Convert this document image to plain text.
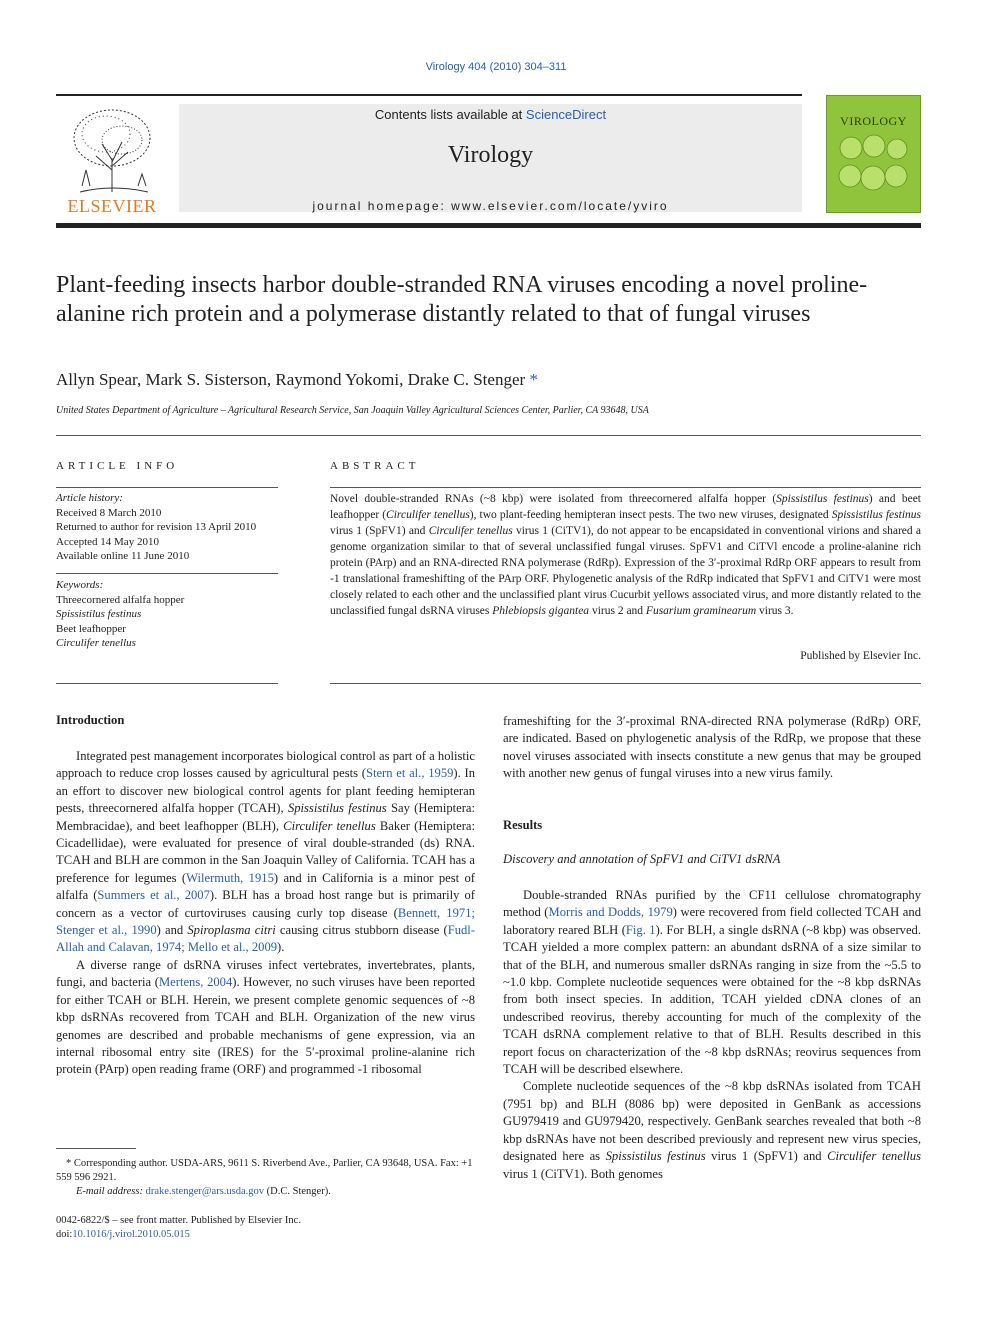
Virology 404 (2010) 304–311
ELSEVIER
Contents lists available at ScienceDirect
Virology
journal homepage: www.elsevier.com/locate/yviro
VIROLOGY
Plant-feeding insects harbor double-stranded RNA viruses encoding a novel proline-alanine rich protein and a polymerase distantly related to that of fungal viruses
Allyn Spear, Mark S. Sisterson, Raymond Yokomi, Drake C. Stenger *
United States Department of Agriculture – Agricultural Research Service, San Joaquin Valley Agricultural Sciences Center, Parlier, CA 93648, USA
ARTICLE INFO
Article history:
Received 8 March 2010
Returned to author for revision 13 April 2010
Accepted 14 May 2010
Available online 11 June 2010
Keywords:
Threecornered alfalfa hopper
Spissistilus festinus
Beet leafhopper
Circulifer tenellus
ABSTRACT
Novel double-stranded RNAs (~8 kbp) were isolated from threecornered alfalfa hopper (Spissistilus festinus) and beet leafhopper (Circulifer tenellus), two plant-feeding hemipteran insect pests. The two new viruses, designated Spissistilus festinus virus 1 (SpFV1) and Circulifer tenellus virus 1 (CiTV1), do not appear to be encapsidated in conventional virions and shared a genome organization similar to that of several unclassified fungal viruses. SpFV1 and CiTVl encode a proline-alanine rich protein (PArp) and an RNA-directed RNA polymerase (RdRp). Expression of the 3′-proximal RdRp ORF appears to result from -1 translational frameshifting of the PArp ORF. Phylogenetic analysis of the RdRp indicated that SpFV1 and CiTV1 were most closely related to each other and the unclassified plant virus Cucurbit yellows associated virus, and more distantly related to the unclassified fungal dsRNA viruses Phlebiopsis gigantea virus 2 and Fusarium graminearum virus 3.
Published by Elsevier Inc.
Introduction

Integrated pest management incorporates biological control as part of a holistic approach to reduce crop losses caused by agricultural pests (Stern et al., 1959). In an effort to discover new biological control agents for plant feeding hemipteran pests, threecornered alfalfa hopper (TCAH), Spissistilus festinus Say (Hemiptera: Membracidae), and beet leafhopper (BLH), Circulifer tenellus Baker (Hemiptera: Cicadellidae), were evaluated for presence of viral double-stranded (ds) RNA. TCAH and BLH are common in the San Joaquin Valley of California. TCAH has a preference for legumes (Wilermuth, 1915) and in California is a minor pest of alfalfa (Summers et al., 2007). BLH has a broad host range but is primarily of concern as a vector of curtoviruses causing curly top disease (Bennett, 1971; Stenger et al., 1990) and Spiroplasma citri causing citrus stubborn disease (Fudl-Allah and Calavan, 1974; Mello et al., 2009).

A diverse range of dsRNA viruses infect vertebrates, invertebrates, plants, fungi, and bacteria (Mertens, 2004). However, no such viruses have been reported for either TCAH or BLH. Herein, we present complete genomic sequences of ~8 kbp dsRNAs recovered from TCAH and BLH. Organization of the new virus genomes are described and probable mechanisms of gene expression, via an internal ribosomal entry site (IRES) for the 5′-proximal proline-alanine rich protein (PArp) open reading frame (ORF) and programmed -1 ribosomal

frameshifting for the 3′-proximal RNA-directed RNA polymerase (RdRp) ORF, are indicated. Based on phylogenetic analysis of the RdRp, we propose that these novel viruses associated with insects constitute a new genus that may be grouped with another new genus of fungal viruses into a new virus family.

Results
Discovery and annotation of SpFV1 and CiTV1 dsRNA

Double-stranded RNAs purified by the CF11 cellulose chromatography method (Morris and Dodds, 1979) were recovered from field collected TCAH and laboratory reared BLH (Fig. 1). For BLH, a single dsRNA (~8 kbp) was observed. TCAH yielded a more complex pattern: an abundant dsRNA of a size similar to that of the BLH, and numerous smaller dsRNAs ranging in size from the ~5.5 to ~1.0 kbp. Complete nucleotide sequences were obtained for the ~8 kbp dsRNAs from both insect species. In addition, TCAH yielded cDNA clones of an undescribed reovirus, thereby accounting for much of the complexity of the TCAH dsRNA complement relative to that of BLH. Results described in this report focus on characterization of the ~8 kbp dsRNAs; reovirus sequences from TCAH will be described elsewhere.

Complete nucleotide sequences of the ~8 kbp dsRNAs isolated from TCAH (7951 bp) and BLH (8086 bp) were deposited in GenBank as accessions GU979419 and GU979420, respectively. GenBank searches revealed that both ~8 kbp dsRNAs have not been described previously and represent new virus species, designated here as Spissistilus festinus virus 1 (SpFV1) and Circulifer tenellus virus 1 (CiTV1). Both genomes

* Corresponding author. USDA-ARS, 9611 S. Riverbend Ave., Parlier, CA 93648, USA. Fax: +1 559 596 2921.
E-mail address: drake.stenger@ars.usda.gov (D.C. Stenger).
0042-6822/$ – see front matter. Published by Elsevier Inc.
doi:10.1016/j.virol.2010.05.015
